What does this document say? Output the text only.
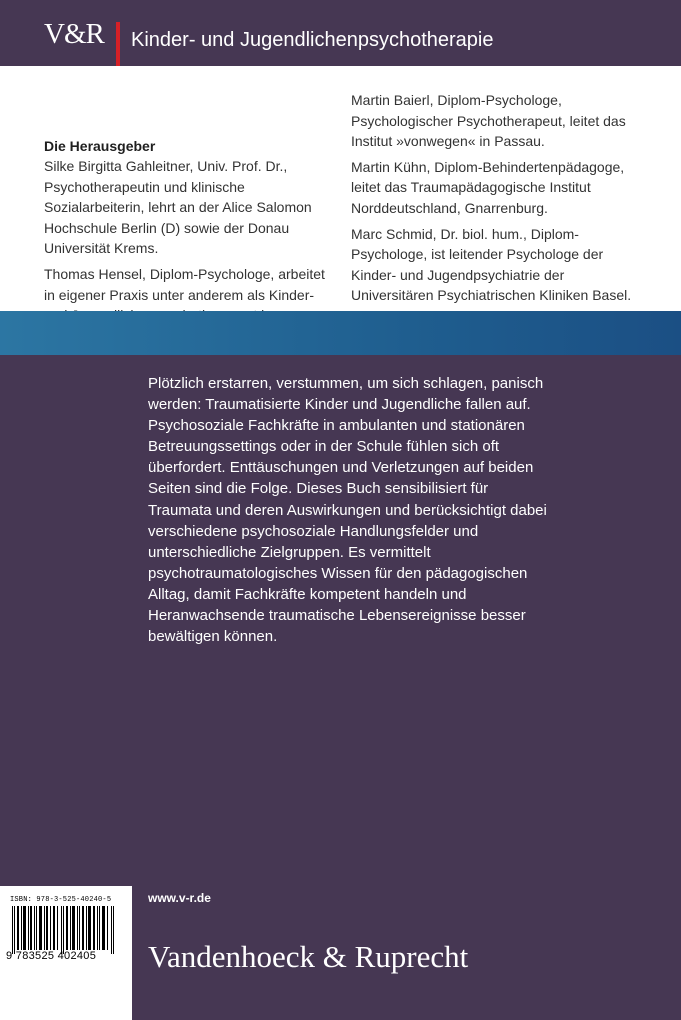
V&R Kinder- und Jugendlichenpsychotherapie
Die Herausgeber

Silke Birgitta Gahleitner, Univ. Prof. Dr., Psychotherapeutin und klinische Sozialarbeiterin, lehrt an der Alice Salomon Hochschule Berlin (D) sowie der Donau Universität Krems.

Thomas Hensel, Diplom-Psychologe, arbeitet in eigener Praxis unter anderem als Kinder-

Martin Baierl, Diplom-Psychologe, Psychologischer Psychotherapeut, leitet das Institut »vonwegen« in Passau.

Martin Kühn, Diplom-Behindertenpädagoge, leitet das Traumapädagogische Institut Norddeutschland, Gnarrenburg.

Marc Schmid, Dr. biol. hum., Diplom-Psychologe, ist leitender Psychologe der Kinder- und Jugendpsychiatrie der Universitären Psychiatrischen Kliniken Basel.

Plötzlich erstarren, verstummen, um sich schlagen, panisch werden: Traumatisierte Kinder und Jugendliche fallen auf. Psychosoziale Fachkräfte in ambulanten und stationären Betreuungssettings oder in der Schule fühlen sich oft überfordert. Enttäuschungen und Verletzungen auf beiden Seiten sind die Folge. Dieses Buch sensibilisiert für Traumata und deren Auswirkungen und berücksichtigt dabei verschiedene psychosoziale Handlungsfelder und unterschiedliche Zielgruppen. Es vermittelt psychotraumatologisches Wissen für den pädagogischen Alltag, damit Fachkräfte kompetent handeln und Heranwachsende traumatische Lebensereignisse besser bewältigen können.
ISBN: 978-3-525-40240-5
9 783525 402405
www.v-r.de
Vandenhoeck & Ruprecht
